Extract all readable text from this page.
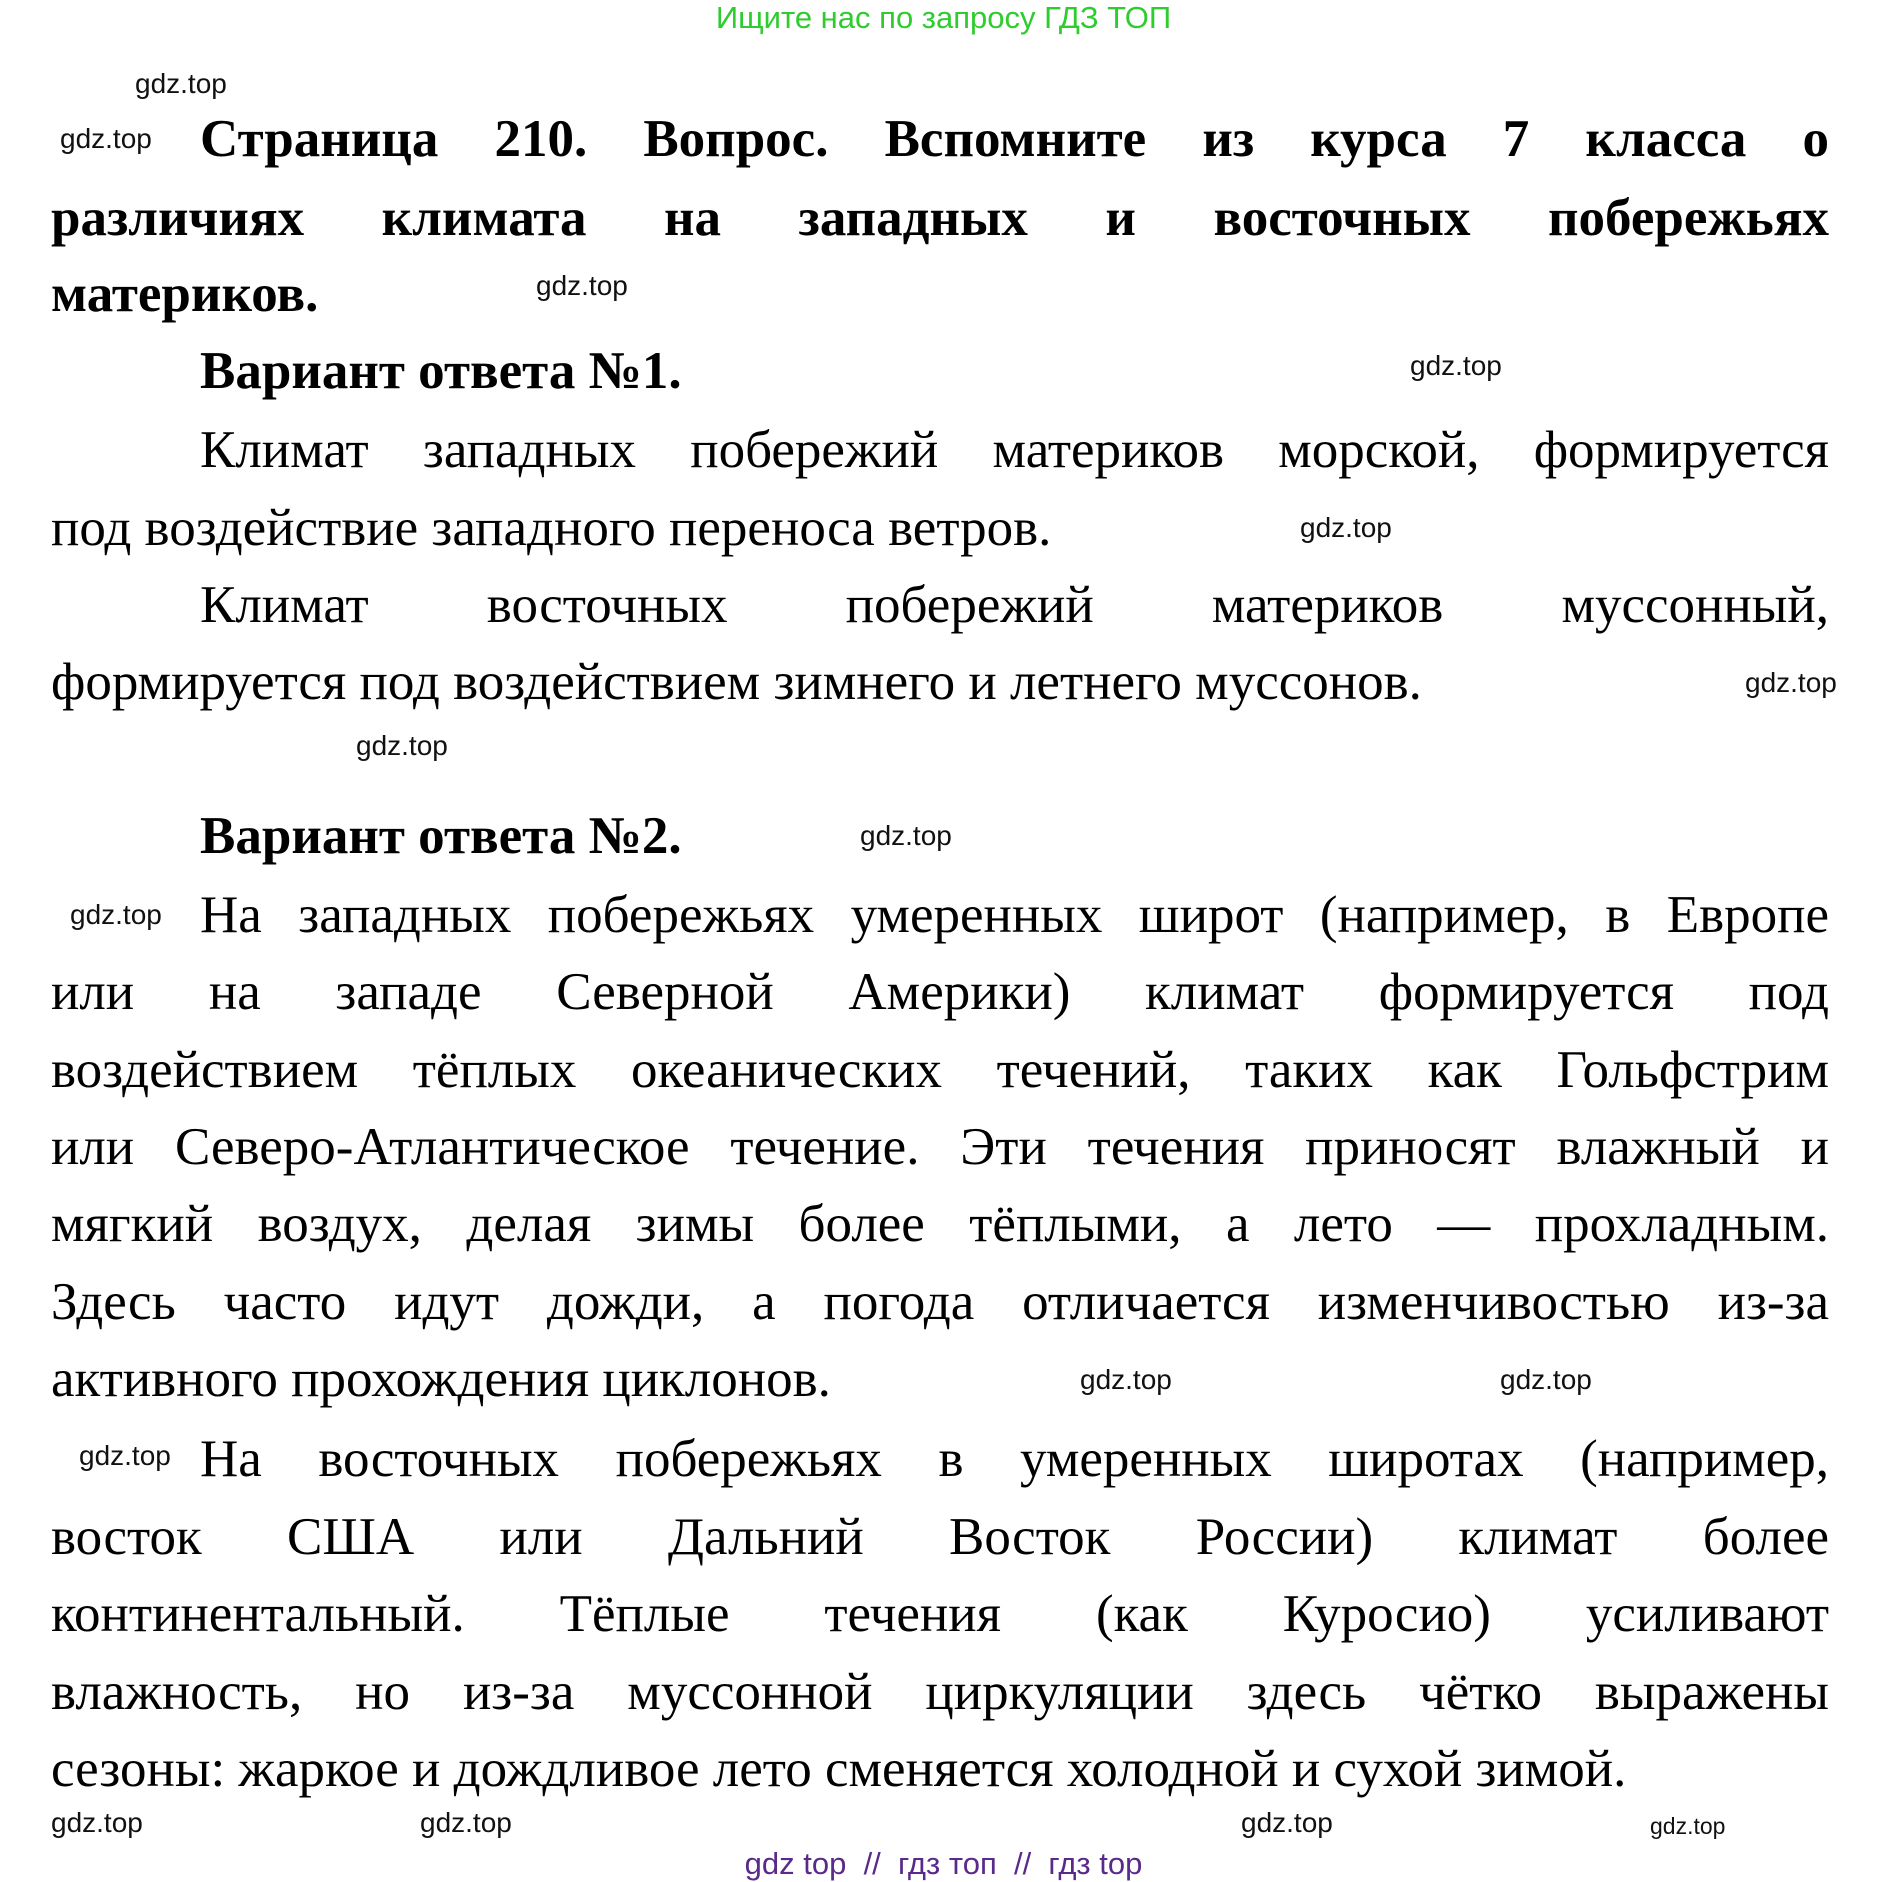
Ищите нас по запросу ГДЗ ТОП
Страница 210. Вопрос. Вспомните из курса 7 класса о
различиях климата на западных и восточных побережьях
материков.
Вариант ответа №1.
Климат западных побережий материков морской, формируется
под воздействие западного переноса ветров.
Климат восточных побережий материков муссонный,
формируется под воздействием зимнего и летнего муссонов.
Вариант ответа №2.
На западных побережьях умеренных широт (например, в Европе
или на западе Северной Америки) климат формируется под
воздействием тёплых океанических течений, таких как Гольфстрим
или Северо-Атлантическое течение. Эти течения приносят влажный и
мягкий воздух, делая зимы более тёплыми, а лето — прохладным.
Здесь часто идут дожди, а погода отличается изменчивостью из-за
активного прохождения циклонов.
На восточных побережьях в умеренных широтах (например,
восток США или Дальний Восток России) климат более
континентальный. Тёплые течения (как Куросио) усиливают
влажность, но из-за муссонной циркуляции здесь чётко выражены
сезоны: жаркое и дождливое лето сменяется холодной и сухой зимой.
gdz.top
gdz.top
gdz.top
gdz.top
gdz.top
gdz.top
gdz.top
gdz.top
gdz.top
gdz.top
gdz.top
gdz.top
gdz.top
gdz.top	gdz.top
gdz.top
gdz top  //  гдз топ  //  гдз top
